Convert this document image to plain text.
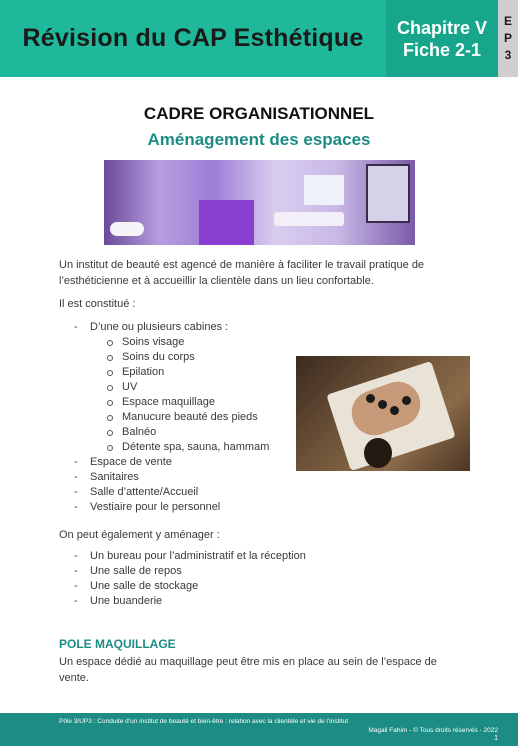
Révision du CAP Esthétique Chapitre V
Fiche 2-1
E
P
3
CADRE ORGANISATIONNEL
Aménagement des espaces
Un institut de beauté est agencé de manière à faciliter le travail pratique de l’esthéticienne et à accueillir la clientèle dans un lieu confortable.
Il est constitué :
- D’une ou plusieurs cabines :
Soins visage
Soins du corps
Epilation
UV
Espace maquillage
Manucure beauté des pieds
Balnéo
Détente spa, sauna, hammam
- Espace de vente
- Sanitaires
- Salle d’attente/Accueil
- Vestiaire pour le personnel
On peut également y aménager :
- Un bureau pour l’administratif et la réception
- Une salle de repos
- Une salle de stockage
- Une buanderie
POLE MAQUILLAGE
Un espace dédié au maquillage peut être mis en place au sein de l’espace de vente.
Pôle 3/UP3 : Conduite d’un institut de beauté et bien-être : relation avec la clientèle et vie de l’institut
Magali Fahim - © Tous droits réservés - 2022
1
